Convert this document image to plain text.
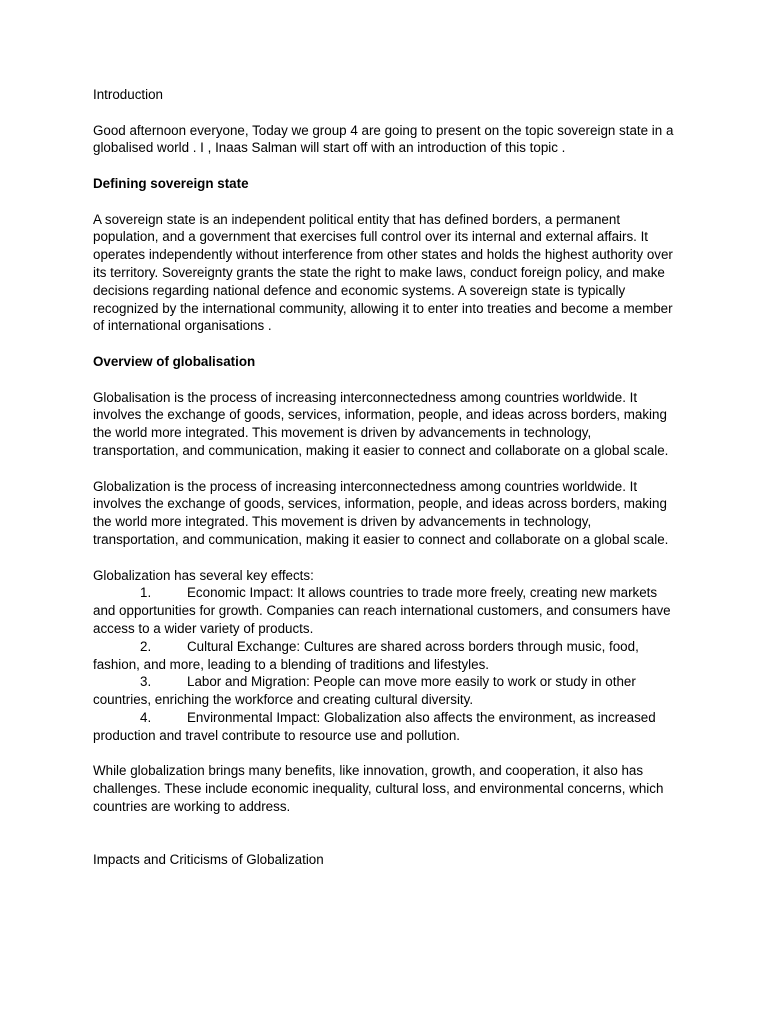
Introduction

Good afternoon everyone, Today we group 4 are going to present on the topic sovereign state in a globalised world . I , Inaas Salman will start off with an introduction of this topic .

Defining sovereign state

A sovereign state is an independent political entity that has defined borders, a permanent population, and a government that exercises full control over its internal and external affairs. It operates independently without interference from other states and holds the highest authority over its territory. Sovereignty grants the state the right to make laws, conduct foreign policy, and make decisions regarding national defence and economic systems. A sovereign state is typically recognized by the international community, allowing it to enter into treaties and become a member of international organisations .

Overview of globalisation

Globalisation is the process of increasing interconnectedness among countries worldwide. It involves the exchange of goods, services, information, people, and ideas across borders, making the world more integrated. This movement is driven by advancements in technology, transportation, and communication, making it easier to connect and collaborate on a global scale.

Globalization is the process of increasing interconnectedness among countries worldwide. It involves the exchange of goods, services, information, people, and ideas across borders, making the world more integrated. This movement is driven by advancements in technology, transportation, and communication, making it easier to connect and collaborate on a global scale.

Globalization has several key effects:

1.	Economic Impact: It allows countries to trade more freely, creating new markets and opportunities for growth. Companies can reach international customers, and consumers have access to a wider variety of products.

2.	Cultural Exchange: Cultures are shared across borders through music, food, fashion, and more, leading to a blending of traditions and lifestyles.

3.	Labor and Migration: People can move more easily to work or study in other countries, enriching the workforce and creating cultural diversity.

4.	Environmental Impact: Globalization also affects the environment, as increased production and travel contribute to resource use and pollution.

While globalization brings many benefits, like innovation, growth, and cooperation, it also has challenges. These include economic inequality, cultural loss, and environmental concerns, which countries are working to address.

Impacts and Criticisms of Globalization
